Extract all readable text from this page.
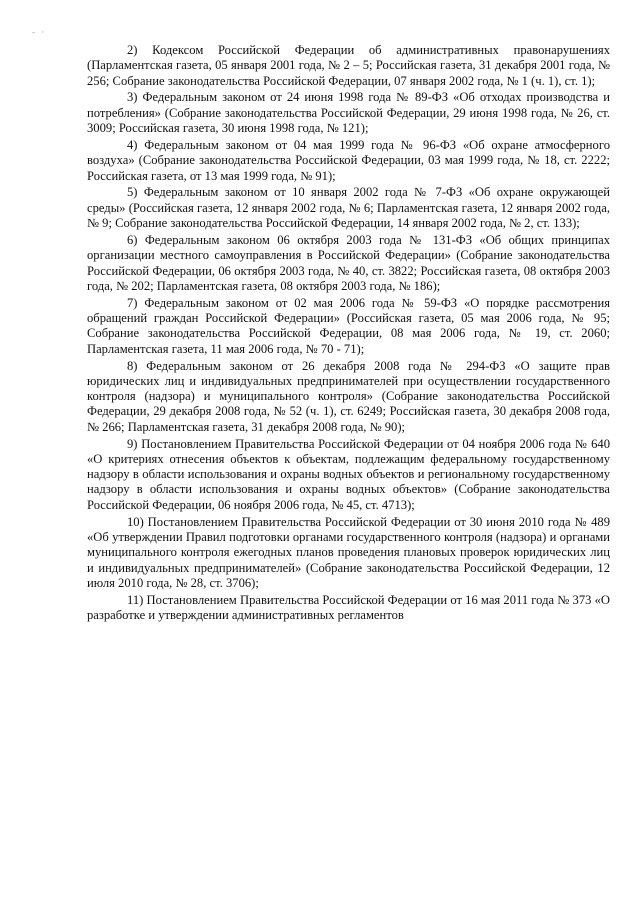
- ·

2) Кодексом Российской Федерации об административных правонарушениях (Парламентская газета, 05 января 2001 года, № 2 – 5; Российская газета, 31 декабря 2001 года, № 256; Собрание законодательства Российской Федерации, 07 января 2002 года, № 1 (ч. 1), ст. 1);

3) Федеральным законом от 24 июня 1998 года № 89-ФЗ «Об отходах производства и потребления» (Собрание законодательства Российской Федерации, 29 июня 1998 года, № 26, ст. 3009; Российская газета, 30 июня 1998 года, № 121);

4) Федеральным законом от 04 мая 1999 года № 96-ФЗ «Об охране атмосферного воздуха» (Собрание законодательства Российской Федерации, 03 мая 1999 года, № 18, ст. 2222; Российская газета, от 13 мая 1999 года, № 91);

5) Федеральным законом от 10 января 2002 года № 7-ФЗ «Об охране окружающей среды» (Российская газета, 12 января 2002 года, № 6; Парламентская газета, 12 января 2002 года, № 9; Собрание законодательства Российской Федерации, 14 января 2002 года, № 2, ст. 133);

6) Федеральным законом 06 октября 2003 года № 131-ФЗ «Об общих принципах организации местного самоуправления в Российской Федерации» (Собрание законодательства Российской Федерации, 06 октября 2003 года, № 40, ст. 3822; Российская газета, 08 октября 2003 года, № 202; Парламентская газета, 08 октября 2003 года, № 186);

7) Федеральным законом от 02 мая 2006 года № 59-ФЗ «О порядке рассмотрения обращений граждан Российской Федерации» (Российская газета, 05 мая 2006 года, № 95; Собрание законодательства Российской Федерации, 08 мая 2006 года, № 19, ст. 2060; Парламентская газета, 11 мая 2006 года, № 70 - 71);

8) Федеральным законом от 26 декабря 2008 года № 294-ФЗ «О защите прав юридических лиц и индивидуальных предпринимателей при осуществлении государственного контроля (надзора) и муниципального контроля» (Собрание законодательства Российской Федерации, 29 декабря 2008 года, № 52 (ч. 1), ст. 6249; Российская газета, 30 декабря 2008 года, № 266; Парламентская газета, 31 декабря 2008 года, № 90);

9) Постановлением Правительства Российской Федерации от 04 ноября 2006 года № 640 «О критериях отнесения объектов к объектам, подлежащим федеральному государственному надзору в области использования и охраны водных объектов и региональному государственному надзору в области использования и охраны водных объектов» (Собрание законодательства Российской Федерации, 06 ноября 2006 года, № 45, ст. 4713);

10) Постановлением Правительства Российской Федерации от 30 июня 2010 года № 489 «Об утверждении Правил подготовки органами государственного контроля (надзора) и органами муниципального контроля ежегодных планов проведения плановых проверок юридических лиц и индивидуальных предпринимателей» (Собрание законодательства Российской Федерации, 12 июля 2010 года, № 28, ст. 3706);

11) Постановлением Правительства Российской Федерации от 16 мая 2011 года № 373 «О разработке и утверждении административных регламентов
